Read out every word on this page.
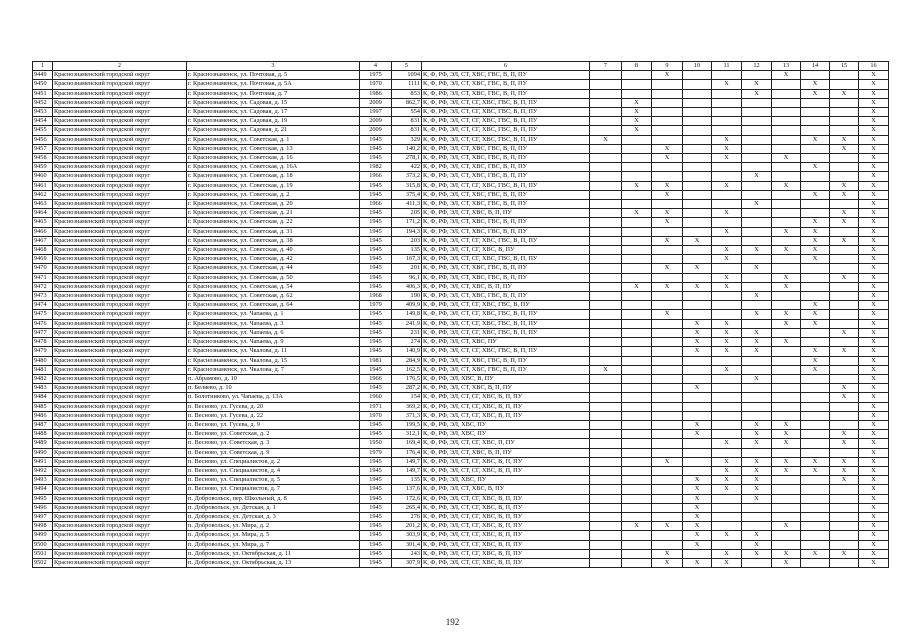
1	2	3	4	5	6	7	8	9	10	11	12	13	14	15	16
9449	Краснознаменский городской округ	г. Краснознаменск, ул. Почтовая, д. 5	1975	1094	К, Ф, РФ, ЭЛ, СТ, ХВС, ГВС, В, П, ПУ			X				X			X
9450	Краснознаменский городской округ	г. Краснознаменск, ул. Почтовая, д. 5А	1970	1111	К, Ф, РФ, ЭЛ, СТ, ХВС, ГВС, В, П, ПУ					X	X		X		X
9451	Краснознаменский городской округ	г. Краснознаменск, ул. Почтовая, д. 7	1986	853	К, Ф, РФ, ЭЛ, СТ, ХВС, ГВС, В, П, ПУ						X		X	X	X
9452	Краснознаменский городской округ	г. Краснознаменск, ул. Садовая, д. 15	2009	862,7	К, Ф, РФ, ЭЛ, СТ, СГ, ХВС, ГВС, В, П, ПУ		X								X
9453	Краснознаменский городской округ	г. Краснознаменск, ул. Садовая, д. 17	1997	554	К, Ф, РФ, ЭЛ, СТ, СГ, ХВС, ГВС, В, П, ПУ		X								X
9454	Краснознаменский городской округ	г. Краснознаменск, ул. Садовая, д. 19	2009	831	К, Ф, РФ, ЭЛ, СТ, СГ, ХВС, ГВС, В, П, ПУ		X								X
9455	Краснознаменский городской округ	г. Краснознаменск, ул. Садовая, д. 21	2009	831	К, Ф, РФ, ЭЛ, СТ, СГ, ХВС, ГВС, В, П, ПУ		X								X
9456	Краснознаменский городской округ	г. Краснознаменск, ул. Советская, д. 1	1945	329	К, Ф, РФ, ЭЛ, СТ, СГ, ХВС, ГВС, В, П, ПУ	X				X			X	X	X
9457	Краснознаменский городской округ	г. Краснознаменск, ул. Советская, д. 13	1945	140,2	К, Ф, РФ, ЭЛ, СТ, ХВС, ГВС, В, П, ПУ			X		X				X	X
9458	Краснознаменский городской округ	г. Краснознаменск, ул. Советская, д. 16	1945	278,1	К, Ф, РФ, ЭЛ, СТ, ХВС, ГВС, В, П, ПУ			X		X		X			X
9459	Краснознаменский городской округ	г. Краснознаменск, ул. Советская, д. 16А	1982	422	К, Ф, РФ, ЭЛ, СТ, ХВС, ГВС, В, П, ПУ								X		X
9460	Краснознаменский городской округ	г. Краснознаменск, ул. Советская, д. 18	1966	373,2	К, Ф, РФ, ЭЛ, СТ, ХВС, ГВС, В, П, ПУ						X				X
9461	Краснознаменский городской округ	г. Краснознаменск, ул. Советская, д. 19	1945	315,8	К, Ф, РФ, ЭЛ, СТ, СГ, ХВС, ГВС, В, П, ПУ		X	X		X		X		X	X
9462	Краснознаменский городской округ	г. Краснознаменск, ул. Советская, д. 2	1945	375,4	К, Ф, РФ, ЭЛ, СТ, ХВС, ГВС, В, П, ПУ			X					X	X	X
9463	Краснознаменский городской округ	г. Краснознаменск, ул. Советская, д. 20	1966	411,3	К, Ф, РФ, ЭЛ, СТ, ХВС, ГВС, В, П, ПУ						X				X
9464	Краснознаменский городской округ	г. Краснознаменск, ул. Советская, д. 21	1945	205	К, Ф, РФ, ЭЛ, СТ, ХВС, В, П, ПУ		X	X		X				X	X
9465	Краснознаменский городской округ	г. Краснознаменск, ул. Советская, д. 22	1945	171,2	К, Ф, РФ, ЭЛ, СТ, ХВС, ГВС, В, П, ПУ			X					X	X	X
9466	Краснознаменский городской округ	г. Краснознаменск, ул. Советская, д. 31	1945	194,3	К, Ф, РФ, ЭЛ, СТ, ХВС, ГВС, В, П, ПУ					X		X	X		X
9467	Краснознаменский городской округ	г. Краснознаменск, ул. Советская, д. 38	1945	203	К, Ф, РФ, ЭЛ, СТ, СГ, ХВС, ГВС, В, П, ПУ			X	X				X	X	X
9468	Краснознаменский городской округ	г. Краснознаменск, ул. Советская, д. 40	1945	135	К, Ф, РФ, ЭЛ, СТ, СГ, ХВС, В, ПУ					X	X	X	X		X
9469	Краснознаменский городской округ	г. Краснознаменск, ул. Советская, д. 42	1945	167,3	К, Ф, РФ, ЭЛ, СТ, СГ, ХВС, ГВС, В, П, ПУ					X			X		X
9470	Краснознаменский городской округ	г. Краснознаменск, ул. Советская, д. 44	1945	201	К, Ф, РФ, ЭЛ, СТ, ХВС, ГВС, В, П, ПУ			X	X		X				X
9471	Краснознаменский городской округ	г. Краснознаменск, ул. Советская, д. 50	1945	96,1	К, Ф, РФ, ЭЛ, СТ, ХВС, ГВС, В, П, ПУ					X		X		X	X
9472	Краснознаменский городской округ	г. Краснознаменск, ул. Советская, д. 54	1945	406,3	К, Ф, РФ, ЭЛ, СТ, ХВС, В, П, ПУ		X	X	X	X		X			X
9473	Краснознаменский городской округ	г. Краснознаменск, ул. Советская, д. 62	1968	190	К, Ф, РФ, ЭЛ, СТ, ХВС, ГВС, В, П, ПУ						X				X
9474	Краснознаменский городской округ	г. Краснознаменск, ул. Советская, д. 64	1979	409,9	К, Ф, РФ, ЭЛ, СТ, СГ, ХВС, ГВС, В, ПУ								X		X
9475	Краснознаменский городской округ	г. Краснознаменск, ул. Чапаева, д. 1	1945	149,8	К, Ф, РФ, ЭЛ, СТ, СГ, ХВС, ГВС, В, П, ПУ			X			X	X	X		X
9476	Краснознаменский городской округ	г. Краснознаменск, ул. Чапаева, д. 3	1945	241,9	К, Ф, РФ, ЭЛ, СТ, СГ, ХВС, ГВС, В, П, ПУ				X	X		X	X		X
9477	Краснознаменский городской округ	г. Краснознаменск, ул. Чапаева, д. 6	1945	231	К, Ф, РФ, ЭЛ, СТ, СГ, ХВС, ГВС, В, П, ПУ				X	X	X			X	X
9478	Краснознаменский городской округ	г. Краснознаменск, ул. Чапаева, д. 9	1945	274	К, Ф, РФ, ЭЛ, СТ, ХВС, ПУ				X	X	X	X			X
9479	Краснознаменский городской округ	г. Краснознаменск, ул. Чкалова, д. 11	1945	140,9	К, Ф, РФ, ЭЛ, СТ, СГ, ХВС, ГВС, В, П, ПУ				X	X	X		X	X	X
9480	Краснознаменский городской округ	г. Краснознаменск, ул. Чкалова, д. 15	1981	284,9	К, Ф, РФ, ЭЛ, СТ, ХВС, ГВС, В, П, ПУ								X		X
9481	Краснознаменский городской округ	г. Краснознаменск, ул. Чкалова, д. 7	1945	162,5	К, Ф, РФ, ЭЛ, СТ, ХВС, ГВС, В, П, ПУ	X				X			X		X
9482	Краснознаменский городской округ	п. Абрамово, д. 10	1966	176,5	К, Ф, РФ, ЭЛ, ХВС, В, ПУ						X				X
9483	Краснознаменский городской округ	п. Беляево, д. 10	1945	287,2	К, Ф, РФ, ЭЛ, СТ, ХВС, В, П, ПУ				X					X	X
9484	Краснознаменский городской округ	п. Болотниково, ул. Чапаева, д. 13А	1960	154	К, Ф, РФ, ЭЛ, СТ, СГ, ХВС, В, П, ПУ									X	X
9485	Краснознаменский городской округ	п. Весново, ул. Гусева, д. 20	1971	369,2	К, Ф, РФ, ЭЛ, СТ, СГ, ХВС, В, П, ПУ										X
9486	Краснознаменский городской округ	п. Весново, ул. Гусева, д. 22	1970	371,3	К, Ф, РФ, ЭЛ, СТ, СГ, ХВС, В, П, ПУ										X
9487	Краснознаменский городской округ	п. Весново, ул. Гусева, д. 9	1945	199,5	К, Ф, РФ, ЭЛ, ХВС, ПУ				X		X	X			X
9488	Краснознаменский городской округ	п. Весново, ул. Советская, д. 2	1945	312,1	К, Ф, РФ, ЭЛ, ХВС, ПУ				X		X	X		X	X
9489	Краснознаменский городской округ	п. Весново, ул. Советская, д. 3	1950	169,4	К, Ф, РФ, ЭЛ, СТ, СГ, ХВС, П, ПУ					X	X	X		X	X
9490	Краснознаменский городской округ	п. Весново, ул. Советская, д. 9	1979	176,4	К, Ф, РФ, ЭЛ, СТ, ХВС, В, П, ПУ										X
9491	Краснознаменский городской округ	п. Весново, ул. Специалистов, д. 2	1945	149,7	К, Ф, РФ, ЭЛ, СТ, СГ, ХВС, В, П, ПУ			X		X	X	X	X	X	X
9492	Краснознаменский городской округ	п. Весново, ул. Специалистов, д. 4	1945	149,7	К, Ф, РФ, ЭЛ, СТ, СГ, ХВС, В, П, ПУ					X	X	X	X	X	X
9493	Краснознаменский городской округ	п. Весново, ул. Специалистов, д. 5	1945	135	К, Ф, РФ, ЭЛ, ХВС, ПУ				X	X	X			X	X
9494	Краснознаменский городской округ	п. Весново, ул. Специалистов, д. 7	1945	137,6	К, Ф, РФ, ЭЛ, СТ, ХВС, В, ПУ				X	X	X				X
9495	Краснознаменский городской округ	п. Добровольск, пер. Школьный, д. 8	1945	172,6	К, Ф, РФ, ЭЛ, СТ, СГ, ХВС, В, П, ПУ				X		X				X
9496	Краснознаменский городской округ	п. Добровольск, ул. Детская, д. 1	1945	265,4	К, Ф, РФ, ЭЛ, СТ, СГ, ХВС, В, П, ПУ				X						X
9497	Краснознаменский городской округ	п. Добровольск, ул. Детская, д. 3	1945	276	К, Ф, РФ, ЭЛ, СТ, СГ, ХВС, В, П, ПУ				X						X
9498	Краснознаменский городской округ	п. Добровольск, ул. Мира, д. 2	1945	201,2	К, Ф, РФ, ЭЛ, СТ, СГ, ХВС, В, П, ПУ		X	X	X			X			X
9499	Краснознаменский городской округ	п. Добровольск, ул. Мира, д. 5	1945	303,9	К, Ф, РФ, ЭЛ, СТ, СГ, ХВС, В, П, ПУ				X	X	X				X
9500	Краснознаменский городской округ	п. Добровольск, ул. Мира, д. 7	1945	301,4	К, Ф, РФ, ЭЛ, СТ, СГ, ХВС, В, П, ПУ				X		X				X
9501	Краснознаменский городской округ	п. Добровольск, ул. Октябрьская, д. 11	1945	243	К, Ф, РФ, ЭЛ, СТ, СГ, ХВС, В, П, ПУ			X		X	X	X	X	X	X
9502	Краснознаменский городской округ	п. Добровольск, ул. Октябрьская, д. 13	1945	307,9	К, Ф, РФ, ЭЛ, СТ, СГ, ХВС, В, П, ПУ			X	X	X		X			X
192
